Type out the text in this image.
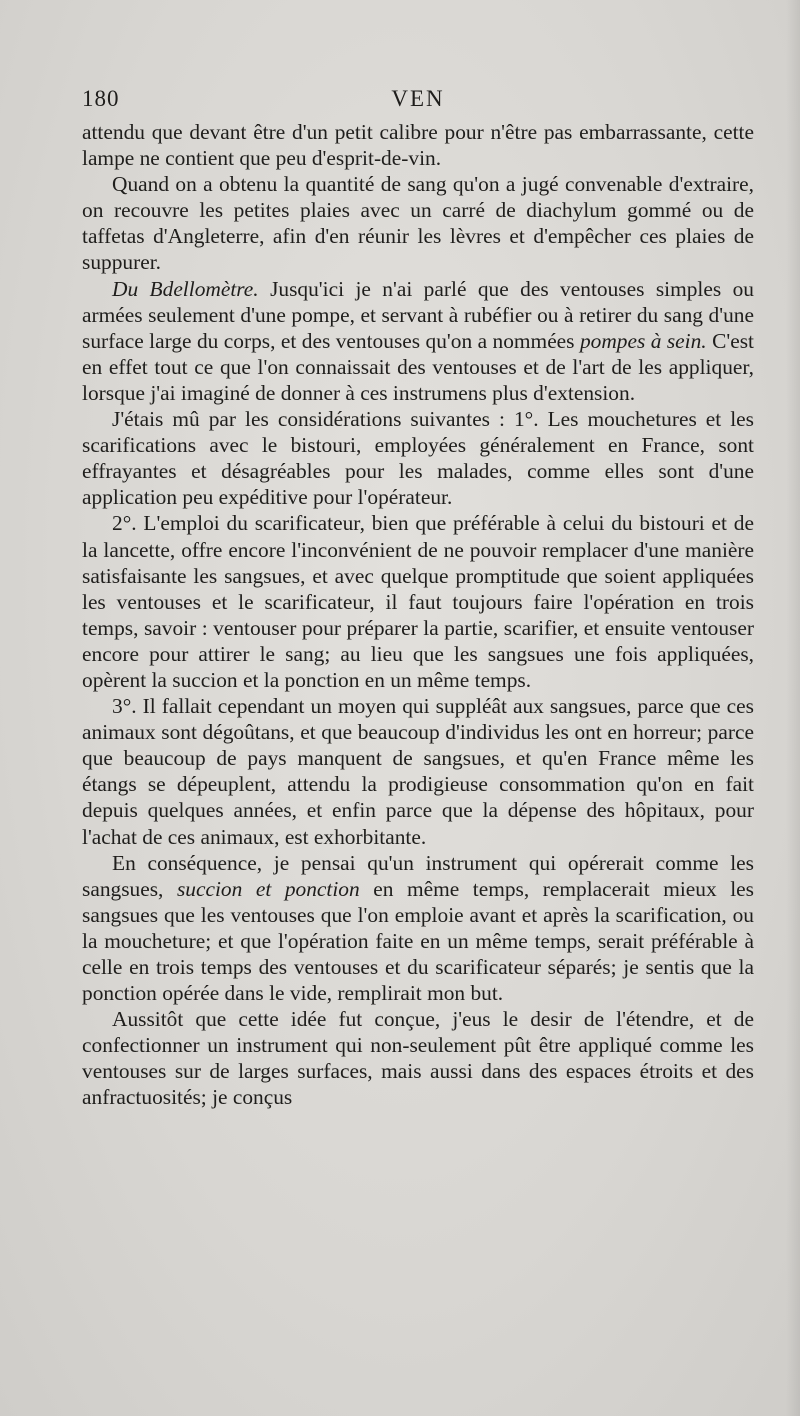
180	VEN

attendu que devant être d'un petit calibre pour n'être pas embarrassante, cette lampe ne contient que peu d'esprit-de-vin.

Quand on a obtenu la quantité de sang qu'on a jugé convenable d'extraire, on recouvre les petites plaies avec un carré de diachylum gommé ou de taffetas d'Angleterre, afin d'en réunir les lèvres et d'empêcher ces plaies de suppurer.

Du Bdellomètre. Jusqu'ici je n'ai parlé que des ventouses simples ou armées seulement d'une pompe, et servant à rubéfier ou à retirer du sang d'une surface large du corps, et des ventouses qu'on a nommées pompes à sein. C'est en effet tout ce que l'on connaissait des ventouses et de l'art de les appliquer, lorsque j'ai imaginé de donner à ces instrumens plus d'extension.

J'étais mû par les considérations suivantes : 1°. Les mouchetures et les scarifications avec le bistouri, employées généralement en France, sont effrayantes et désagréables pour les malades, comme elles sont d'une application peu expéditive pour l'opérateur.

2°. L'emploi du scarificateur, bien que préférable à celui du bistouri et de la lancette, offre encore l'inconvénient de ne pouvoir remplacer d'une manière satisfaisante les sangsues, et avec quelque promptitude que soient appliquées les ventouses et le scarificateur, il faut toujours faire l'opération en trois temps, savoir : ventouser pour préparer la partie, scarifier, et ensuite ventouser encore pour attirer le sang; au lieu que les sangsues une fois appliquées, opèrent la succion et la ponction en un même temps.

3°. Il fallait cependant un moyen qui suppléât aux sangsues, parce que ces animaux sont dégoûtans, et que beaucoup d'individus les ont en horreur; parce que beaucoup de pays manquent de sangsues, et qu'en France même les étangs se dépeuplent, attendu la prodigieuse consommation qu'on en fait depuis quelques années, et enfin parce que la dépense des hôpitaux, pour l'achat de ces animaux, est exhorbitante.

En conséquence, je pensai qu'un instrument qui opérerait comme les sangsues, succion et ponction en même temps, remplacerait mieux les sangsues que les ventouses que l'on emploie avant et après la scarification, ou la moucheture; et que l'opération faite en un même temps, serait préférable à celle en trois temps des ventouses et du scarificateur séparés; je sentis que la ponction opérée dans le vide, remplirait mon but.

Aussitôt que cette idée fut conçue, j'eus le desir de l'étendre, et de confectionner un instrument qui non-seulement pût être appliqué comme les ventouses sur de larges surfaces, mais aussi dans des espaces étroits et des anfractuosités; je conçus
